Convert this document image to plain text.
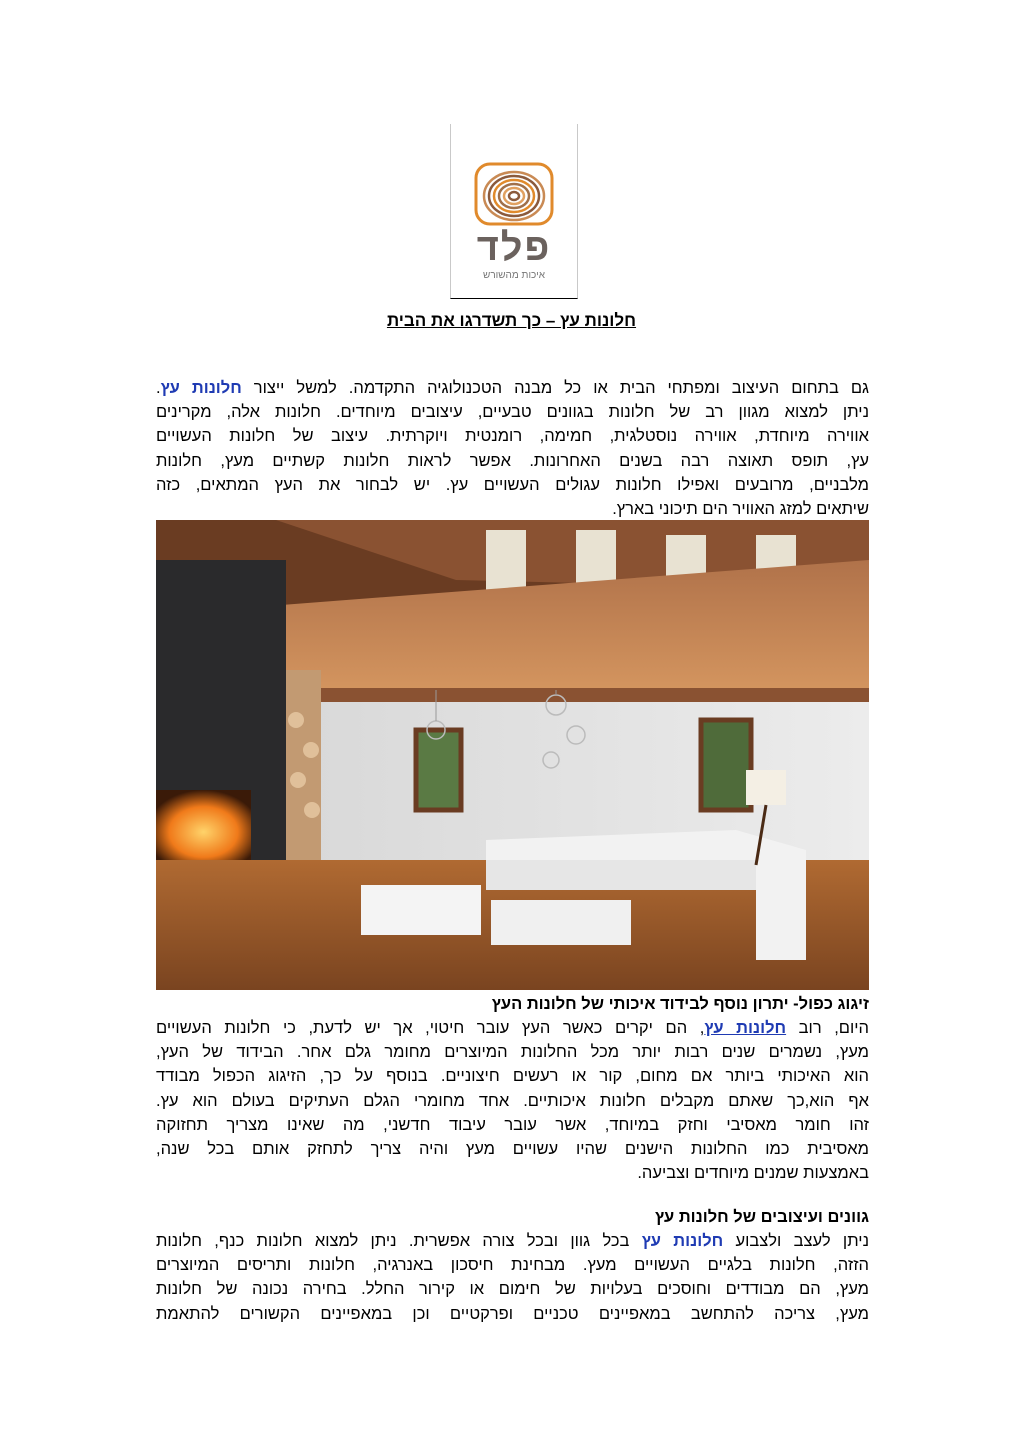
פלד
איכות מהשורש
חלונות עץ – כך תשדרגו את הבית
גם בתחום העיצוב ומפתחי הבית או כל מבנה הטכנולוגיה התקדמה. למשל ייצור חלונות עץ.
ניתן למצוא מגוון רב של חלונות בגוונים טבעיים, עיצובים מיוחדים. חלונות אלה, מקרינים
אווירה מיוחדת, אווירה נוסטלגית, חמימה, רומנטית ויוקרתית. עיצוב של חלונות העשויים
עץ, תופס תאוצה רבה בשנים האחרונות. אפשר לראות חלונות קשתיים מעץ, חלונות
מלבניים, מרובעים ואפילו חלונות עגולים העשויים עץ. יש לבחור את העץ המתאים, כזה
שיתאים למזג האוויר הים תיכוני בארץ.
זיגוג כפול- יתרון נוסף לבידוד איכותי של חלונות העץ
היום, רוב חלונות עץ, הם יקרים כאשר העץ עובר חיטוי, אך יש לדעת, כי חלונות העשויים
מעץ, נשמרים שנים רבות יותר מכל החלונות המיוצרים מחומר גלם אחר. הבידוד של העץ,
הוא האיכותי ביותר אם מחום, קור או רעשים חיצוניים. בנוסף על כך, הזיגוג הכפול מבודד
אף הוא,כך שאתם מקבלים חלונות איכותיים. אחד מחומרי הגלם העתיקים בעולם הוא עץ.
זהו חומר מאסיבי וחזק במיוחד, אשר עובר עיבוד חדשני, מה שאינו מצריך תחזוקה
מאסיבית כמו החלונות הישנים שהיו עשויים מעץ והיה צריך לתחזק אותם בכל שנה,
באמצעות שמנים מיוחדים וצביעה.
גוונים ועיצובים של חלונות עץ
ניתן לעצב ולצבוע חלונות עץ בכל גוון ובכל צורה אפשרית. ניתן למצוא חלונות כנף, חלונות
הזזה, חלונות בלגיים העשויים מעץ. מבחינת חיסכון באנרגיה, חלונות ותריסים המיוצרים
מעץ, הם מבודדים וחוסכים בעלויות של חימום או קירור החלל. בחירה נכונה של חלונות
מעץ, צריכה להתחשב במאפיינים טכניים ופרקטיים וכן במאפיינים הקשורים להתאמת
